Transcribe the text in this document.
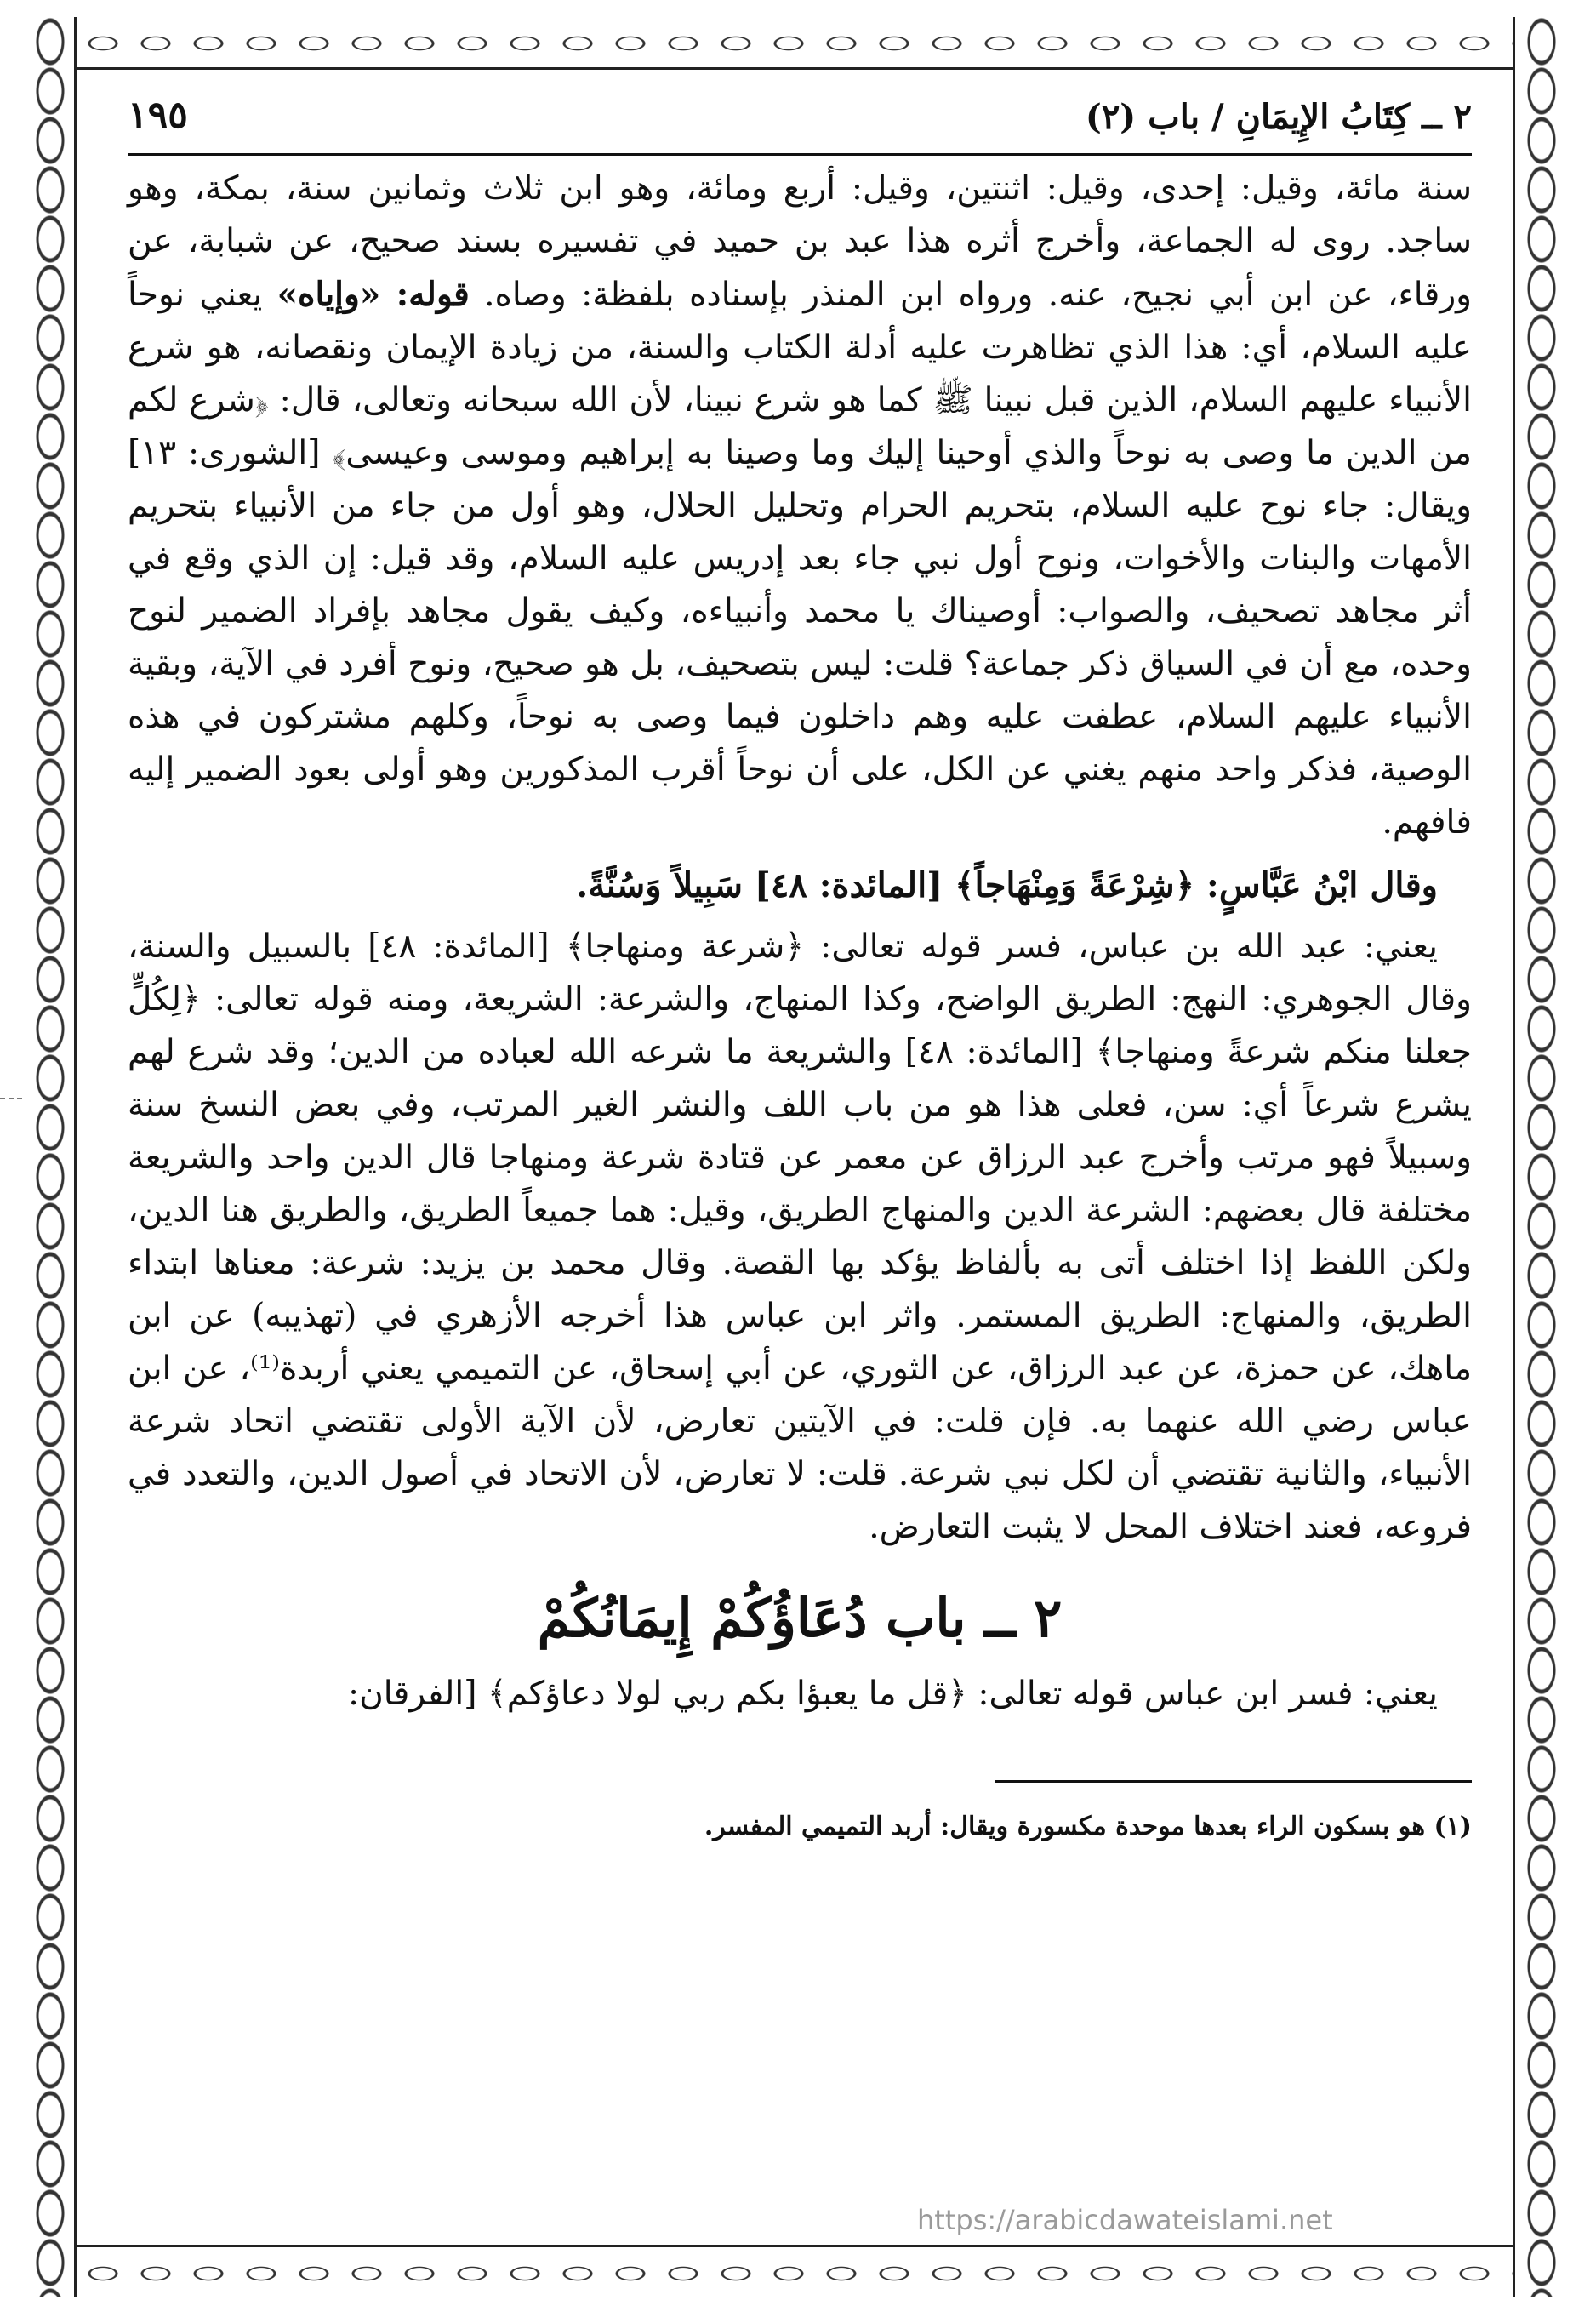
٢ ــ كِتَابُ الإِيمَانِ / باب (٢)
١٩٥

سنة مائة، وقيل: إحدى، وقيل: اثنتين، وقيل: أربع ومائة، وهو ابن ثلاث وثمانين سنة، بمكة، وهو ساجد. روى له الجماعة، وأخرج أثره هذا عبد بن حميد في تفسيره بسند صحيح، عن شبابة، عن ورقاء، عن ابن أبي نجيح، عنه. ورواه ابن المنذر بإسناده بلفظة: وصاه. قوله: «وإياه» يعني نوحاً عليه السلام، أي: هذا الذي تظاهرت عليه أدلة الكتاب والسنة، من زيادة الإيمان ونقصانه، هو شرع الأنبياء عليهم السلام، الذين قبل نبينا ﷺ كما هو شرع نبينا، لأن الله سبحانه وتعالى، قال: ﴿شرع لكم من الدين ما وصى به نوحاً والذي أوحينا إليك وما وصينا به إبراهيم وموسى وعيسى﴾ [الشورى: ١٣] ويقال: جاء نوح عليه السلام، بتحريم الحرام وتحليل الحلال، وهو أول من جاء من الأنبياء بتحريم الأمهات والبنات والأخوات، ونوح أول نبي جاء بعد إدريس عليه السلام، وقد قيل: إن الذي وقع في أثر مجاهد تصحيف، والصواب: أوصيناك يا محمد وأنبياءه، وكيف يقول مجاهد بإفراد الضمير لنوح وحده، مع أن في السياق ذكر جماعة؟ قلت: ليس بتصحيف، بل هو صحيح، ونوح أفرد في الآية، وبقية الأنبياء عليهم السلام، عطفت عليه وهم داخلون فيما وصى به نوحاً، وكلهم مشتركون في هذه الوصية، فذكر واحد منهم يغني عن الكل، على أن نوحاً أقرب المذكورين وهو أولى بعود الضمير إليه فافهم.

وقال ابْنُ عَبَّاسٍ: ﴿شِرْعَةً وَمِنْهَاجاً﴾ [المائدة: ٤٨] سَبِيلاً وَسُنَّةً.

يعني: عبد الله بن عباس، فسر قوله تعالى: ﴿شرعة ومنهاجا﴾ [المائدة: ٤٨] بالسبيل والسنة، وقال الجوهري: النهج: الطريق الواضح، وكذا المنهاج، والشرعة: الشريعة، ومنه قوله تعالى: ﴿لِكُلٍّ جعلنا منكم شرعةً ومنهاجا﴾ [المائدة: ٤٨] والشريعة ما شرعه الله لعباده من الدين؛ وقد شرع لهم يشرع شرعاً أي: سن، فعلى هذا هو من باب اللف والنشر الغير المرتب، وفي بعض النسخ سنة وسبيلاً فهو مرتب وأخرج عبد الرزاق عن معمر عن قتادة شرعة ومنهاجا قال الدين واحد والشريعة مختلفة قال بعضهم: الشرعة الدين والمنهاج الطريق، وقيل: هما جميعاً الطريق، والطريق هنا الدين، ولكن اللفظ إذا اختلف أتى به بألفاظ يؤكد بها القصة. وقال محمد بن يزيد: شرعة: معناها ابتداء الطريق، والمنهاج: الطريق المستمر. واثر ابن عباس هذا أخرجه الأزهري في (تهذيبه) عن ابن ماهك، عن حمزة، عن عبد الرزاق، عن الثوري، عن أبي إسحاق، عن التميمي يعني أربدة⁽¹⁾، عن ابن عباس رضي الله عنهما به. فإن قلت: في الآيتين تعارض، لأن الآية الأولى تقتضي اتحاد شرعة الأنبياء، والثانية تقتضي أن لكل نبي شرعة. قلت: لا تعارض، لأن الاتحاد في أصول الدين، والتعدد في فروعه، فعند اختلاف المحل لا يثبت التعارض.

٢ ــ باب دُعَاؤُكُمْ إِيمَانُكُمْ

يعني: فسر ابن عباس قوله تعالى: ﴿قل ما يعبؤا بكم ربي لولا دعاؤكم﴾ [الفرقان:

(١) هو بسكون الراء بعدها موحدة مكسورة ويقال: أربد التميمي المفسر.

https://arabicdawateislami.net
